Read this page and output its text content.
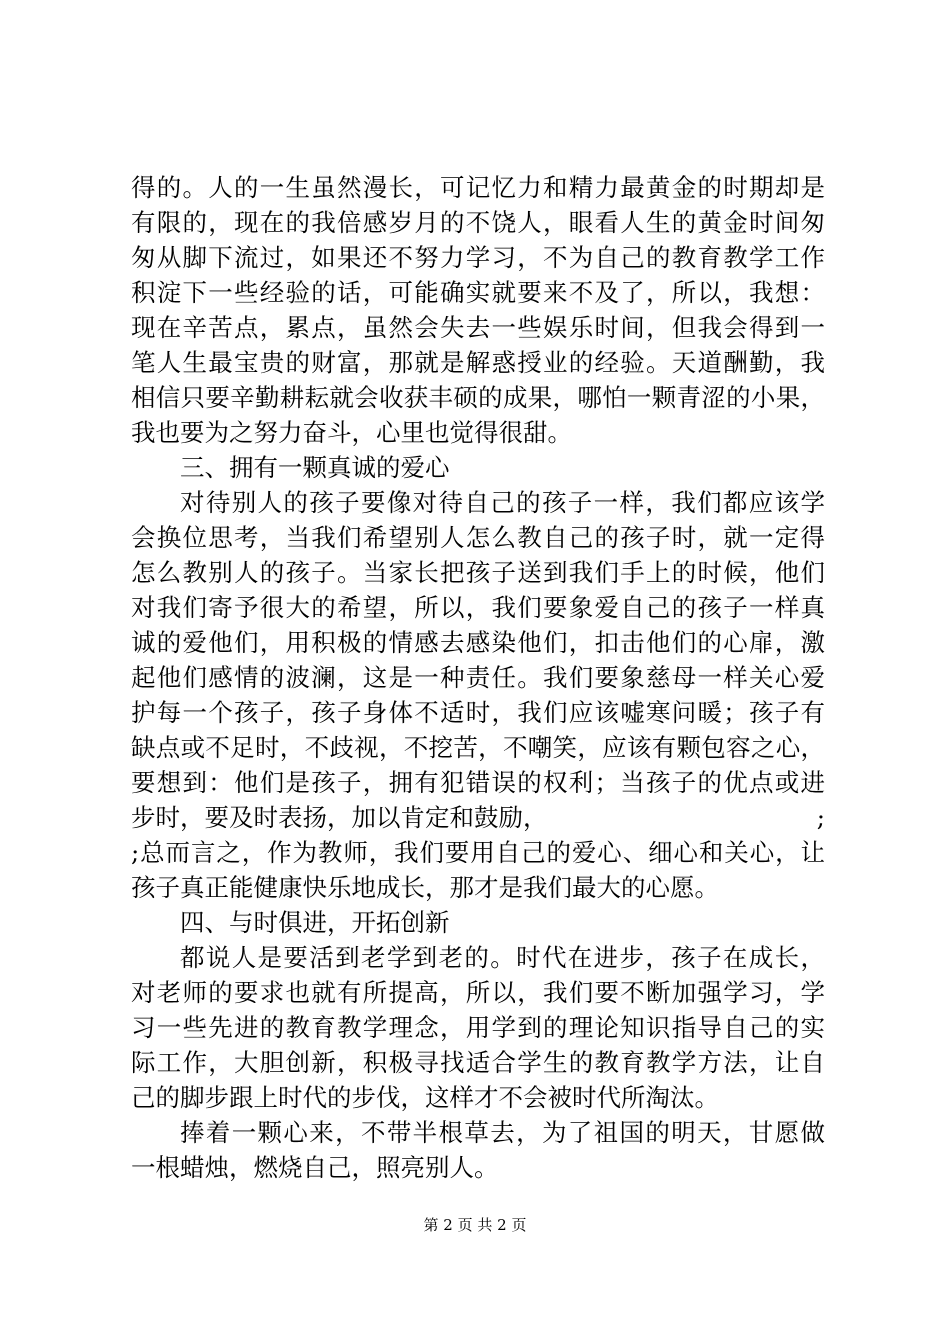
得的。人的一生虽然漫长，可记忆力和精力最黄金的时期却是
有限的，现在的我倍感岁月的不饶人，眼看人生的黄金时间匆
匆从脚下流过，如果还不努力学习，不为自己的教育教学工作
积淀下一些经验的话，可能确实就要来不及了，所以，我想：
现在辛苦点，累点，虽然会失去一些娱乐时间，但我会得到一
笔人生最宝贵的财富，那就是解惑授业的经验。天道酬勤，我
相信只要辛勤耕耘就会收获丰硕的成果，哪怕一颗青涩的小果，
我也要为之努力奋斗，心里也觉得很甜。
三、拥有一颗真诚的爱心
对待别人的孩子要像对待自己的孩子一样，我们都应该学
会换位思考，当我们希望别人怎么教自己的孩子时，就一定得
怎么教别人的孩子。当家长把孩子送到我们手上的时候，他们
对我们寄予很大的希望，所以，我们要象爱自己的孩子一样真
诚的爱他们，用积极的情感去感染他们，扣击他们的心扉，激
起他们感情的波澜，这是一种责任。我们要象慈母一样关心爱
护每一个孩子，孩子身体不适时，我们应该嘘寒问暖；孩子有
缺点或不足时，不歧视，不挖苦，不嘲笑，应该有颗包容之心，
要想到：他们是孩子，拥有犯错误的权利；当孩子的优点或进
步时，要及时表扬，加以肯定和鼓励，	;
;总而言之，作为教师，我们要用自己的爱心、细心和关心，让
孩子真正能健康快乐地成长，那才是我们最大的心愿。
四、与时俱进，开拓创新
都说人是要活到老学到老的。时代在进步，孩子在成长，
对老师的要求也就有所提高，所以，我们要不断加强学习，学
习一些先进的教育教学理念，用学到的理论知识指导自己的实
际工作，大胆创新，积极寻找适合学生的教育教学方法，让自
己的脚步跟上时代的步伐，这样才不会被时代所淘汰。
捧着一颗心来，不带半根草去，为了祖国的明天，甘愿做
一根蜡烛，燃烧自己，照亮别人。
第 2 页 共 2 页
